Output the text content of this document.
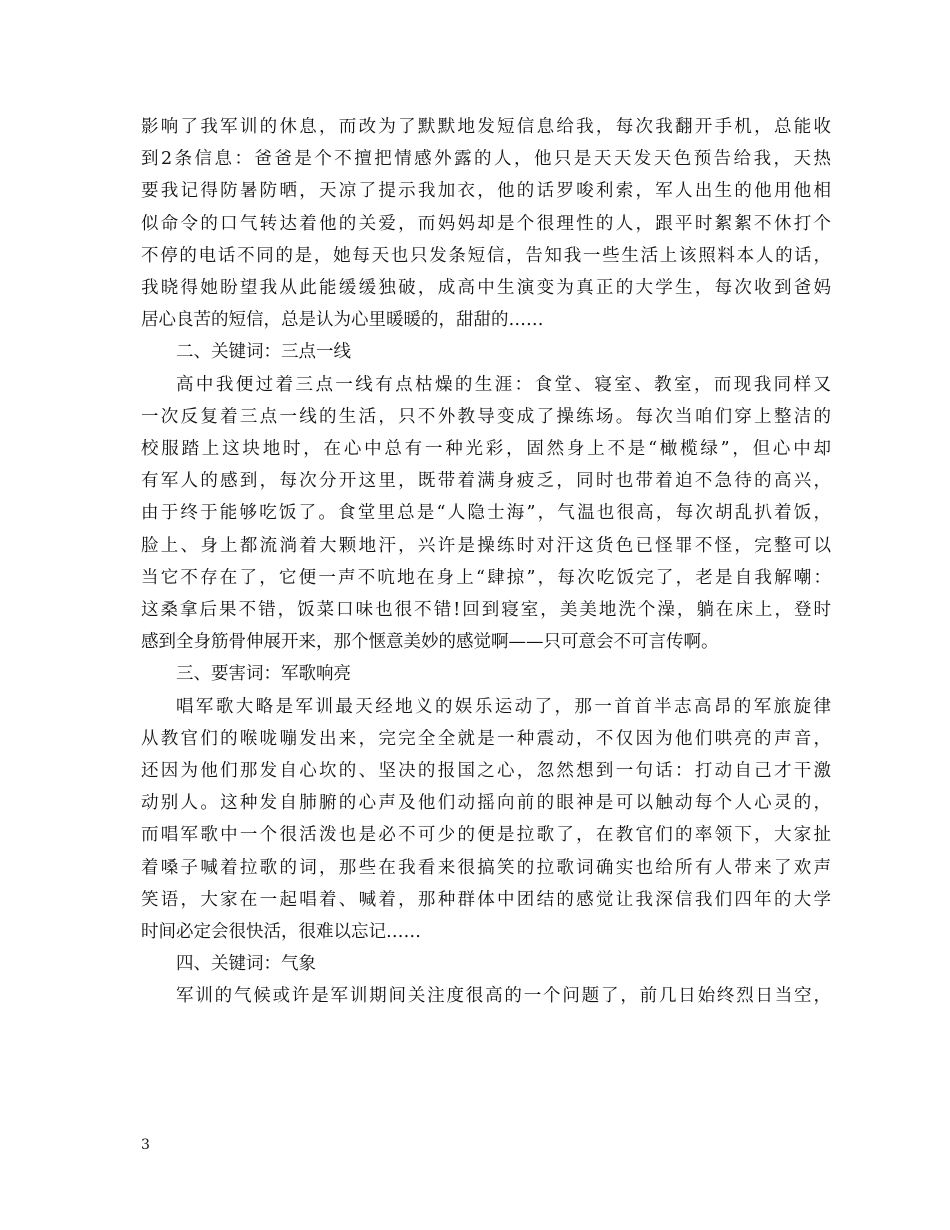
影响了我军训的休息，而改为了默默地发短信息给我，每次我翻开手机，总能收

到2条信息：爸爸是个不擅把情感外露的人，他只是天天发天色预告给我，天热

要我记得防暑防晒，天凉了提示我加衣，他的话罗唆利索，军人出生的他用他相

似命令的口气转达着他的关爱，而妈妈却是个很理性的人，跟平时絮絮不休打个

不停的电话不同的是，她每天也只发条短信，告知我一些生活上该照料本人的话，

我晓得她盼望我从此能缓缓独破，成高中生演变为真正的大学生，每次收到爸妈

居心良苦的短信，总是认为心里暖暖的，甜甜的……

二、关键词：三点一线

高中我便过着三点一线有点枯燥的生涯：食堂、寝室、教室，而现我同样又

一次反复着三点一线的生活，只不外教导变成了操练场。每次当咱们穿上整洁的

校服踏上这块地时，在心中总有一种光彩，固然身上不是“橄榄绿”，但心中却

有军人的感到，每次分开这里，既带着满身疲乏，同时也带着迫不急待的高兴，

由于终于能够吃饭了。食堂里总是“人隐士海”，气温也很高，每次胡乱扒着饭，

脸上、身上都流淌着大颗地汗，兴许是操练时对汗这货色已怪罪不怪，完整可以

当它不存在了，它便一声不吭地在身上“肆掠”，每次吃饭完了，老是自我解嘲：

这桑拿后果不错，饭菜口味也很不错!回到寝室，美美地洗个澡，躺在床上，登时

感到全身筋骨伸展开来，那个惬意美妙的感觉啊——只可意会不可言传啊。

三、要害词：军歌响亮

唱军歌大略是军训最天经地义的娱乐运动了，那一首首半志高昂的军旅旋律

从教官们的喉咙嘣发出来，完完全全就是一种震动，不仅因为他们哄亮的声音，

还因为他们那发自心坎的、坚决的报国之心，忽然想到一句话：打动自己才干激

动别人。这种发自肺腑的心声及他们动摇向前的眼神是可以触动每个人心灵的，

而唱军歌中一个很活泼也是必不可少的便是拉歌了，在教官们的率领下，大家扯

着嗓子喊着拉歌的词，那些在我看来很搞笑的拉歌词确实也给所有人带来了欢声

笑语，大家在一起唱着、喊着，那种群体中团结的感觉让我深信我们四年的大学

时间必定会很快活，很难以忘记……

四、关键词：气象

军训的气候或许是军训期间关注度很高的一个问题了，前几日始终烈日当空，

3
